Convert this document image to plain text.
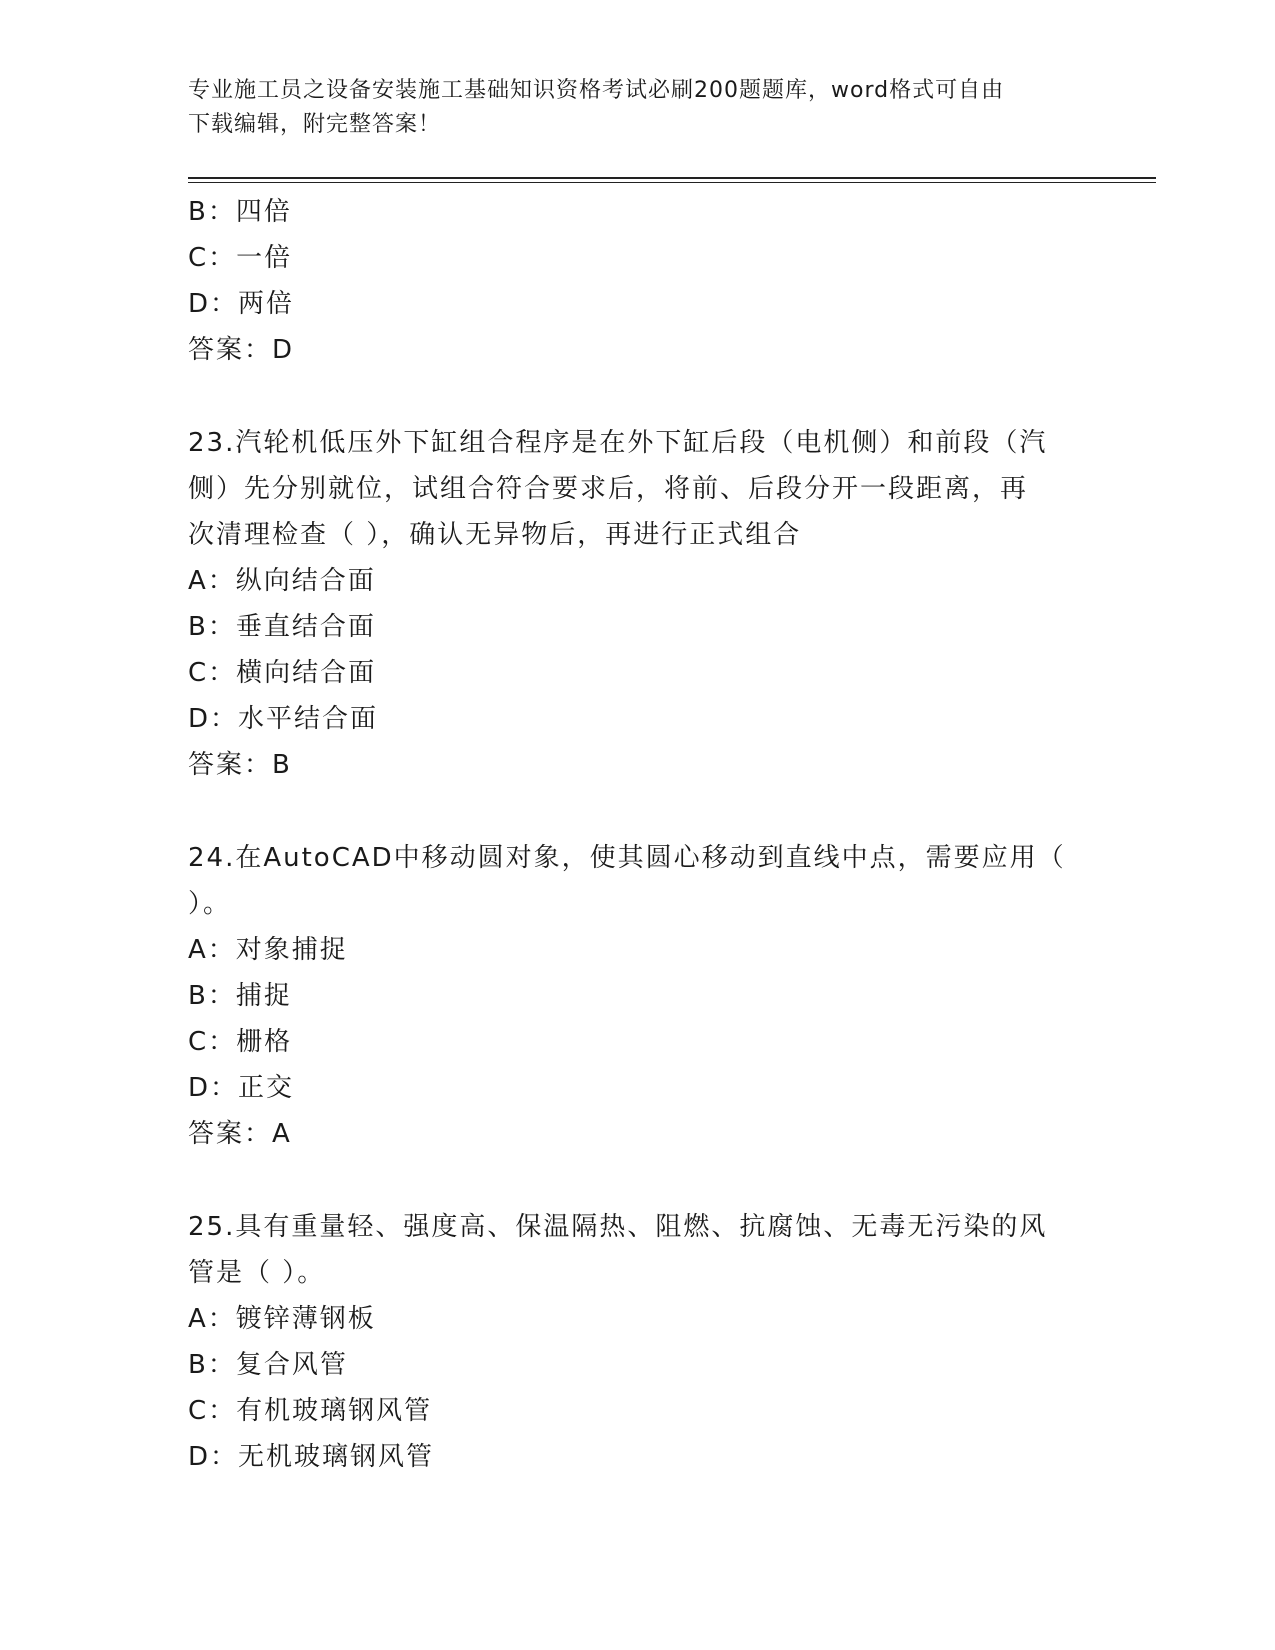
专业施工员之设备安装施工基础知识资格考试必刷200题题库，word格式可自由
下载编辑，附完整答案！
B：四倍
C：一倍
D：两倍
答案：D
23.汽轮机低压外下缸组合程序是在外下缸后段（电机侧）和前段（汽
侧）先分别就位，试组合符合要求后，将前、后段分开一段距离，再
次清理检查（ ），确认无异物后，再进行正式组合
A：纵向结合面
B：垂直结合面
C：横向结合面
D：水平结合面
答案：B
24.在AutoCAD中移动圆对象，使其圆心移动到直线中点，需要应用（
）。
A：对象捕捉
B：捕捉
C：栅格
D：正交
答案：A
25.具有重量轻、强度高、保温隔热、阻燃、抗腐蚀、无毒无污染的风
管是（ ）。
A：镀锌薄钢板
B：复合风管
C：有机玻璃钢风管
D：无机玻璃钢风管
